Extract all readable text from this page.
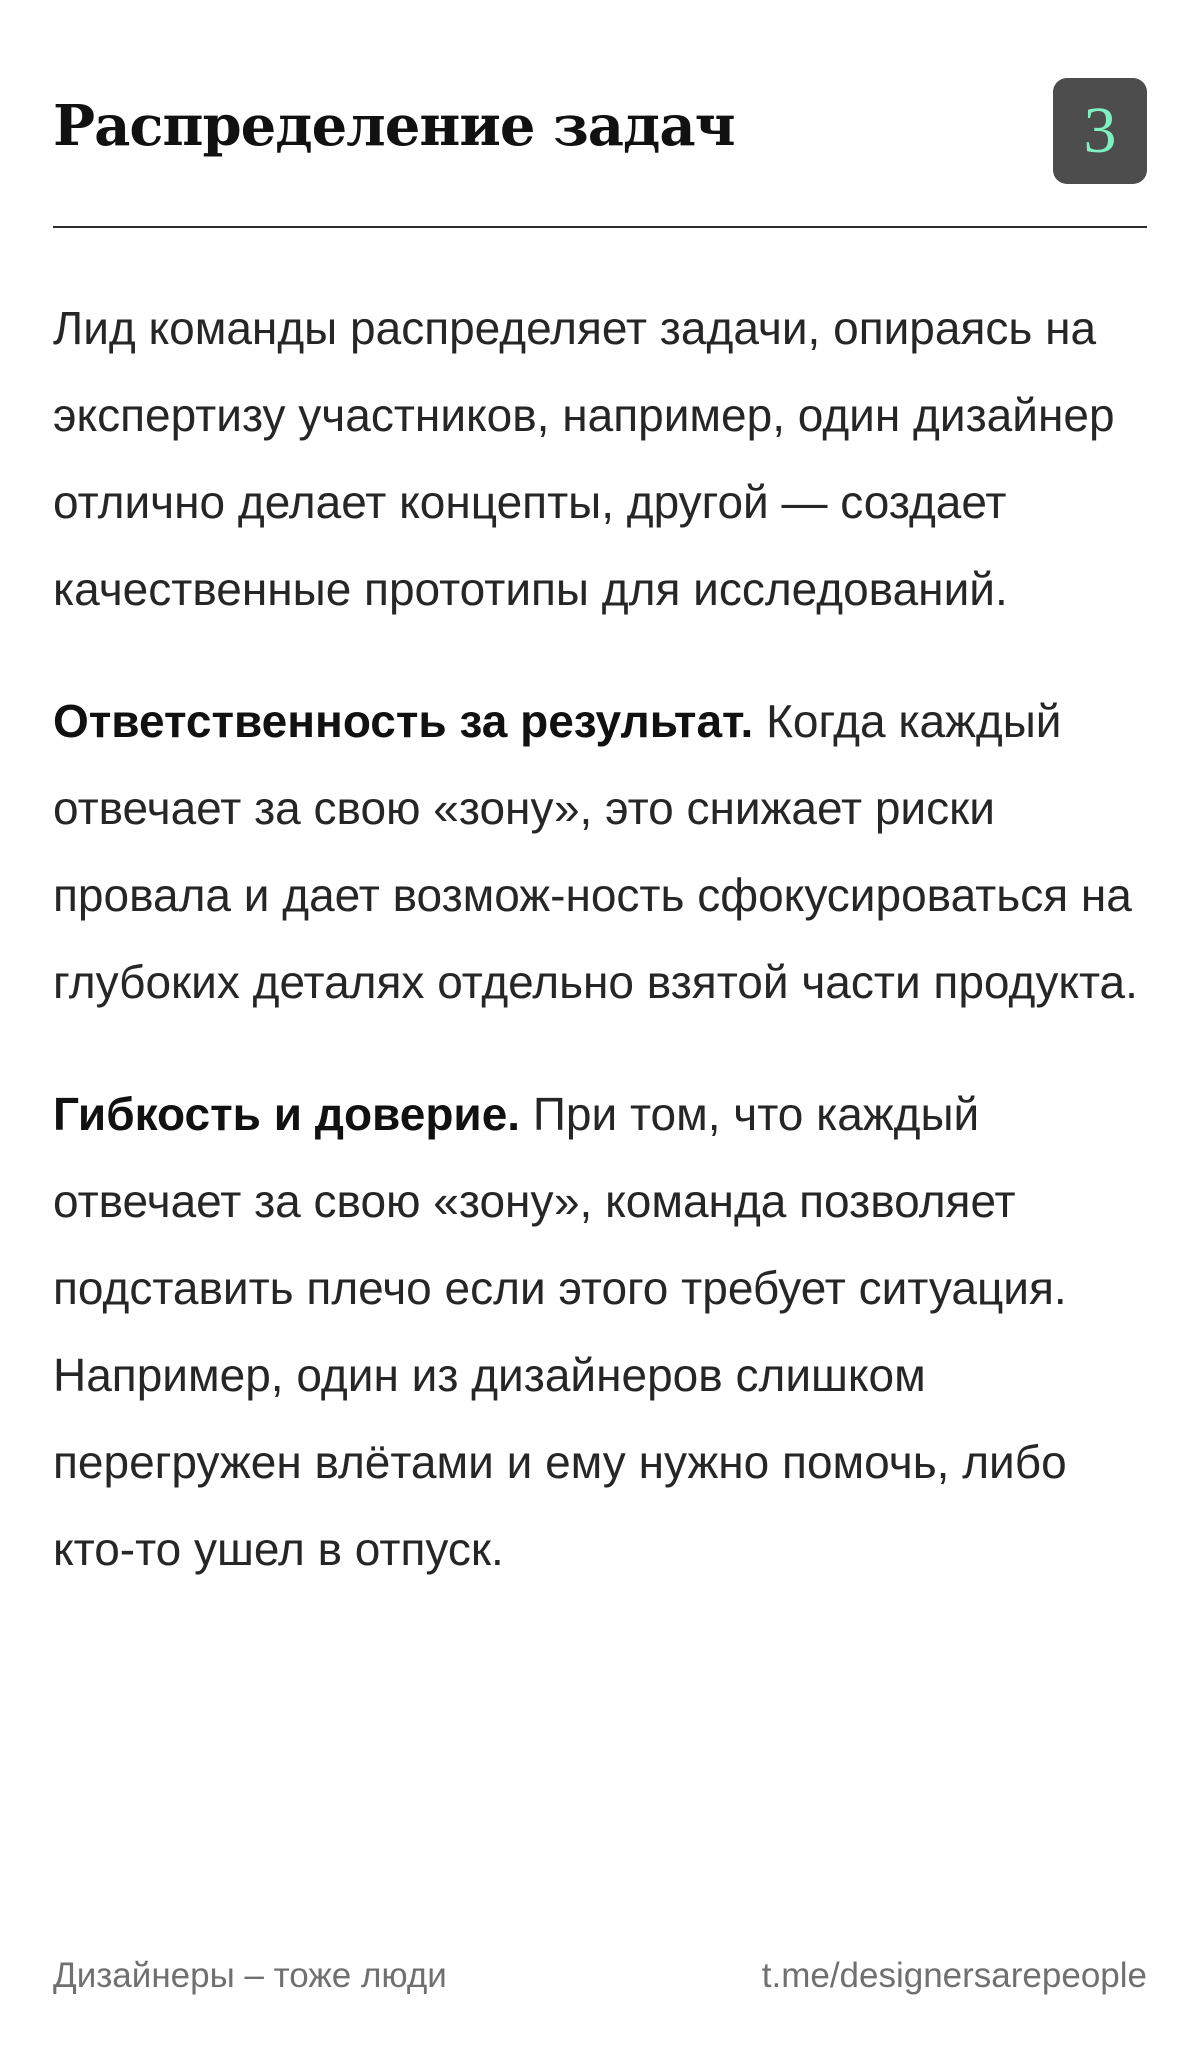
Распределение задач	3

Лид команды распределяет задачи, опираясь на экспертизу участников, например, один дизайнер отлично делает концепты, другой — создает качественные прототипы для исследований.

Ответственность за результат. Когда каждый отвечает за свою «зону», это снижает риски провала и дает возмож-ность сфокусироваться на глубоких деталях отдельно взятой части продукта.

Гибкость и доверие. При том, что каждый отвечает за свою «зону», команда позволяет подставить плечо если этого требует ситуация. Например, один из дизайнеров слишком перегружен влётами и ему нужно помочь, либо кто-то ушел в отпуск.

Дизайнеры – тоже люди	t.me/designersarepeople
